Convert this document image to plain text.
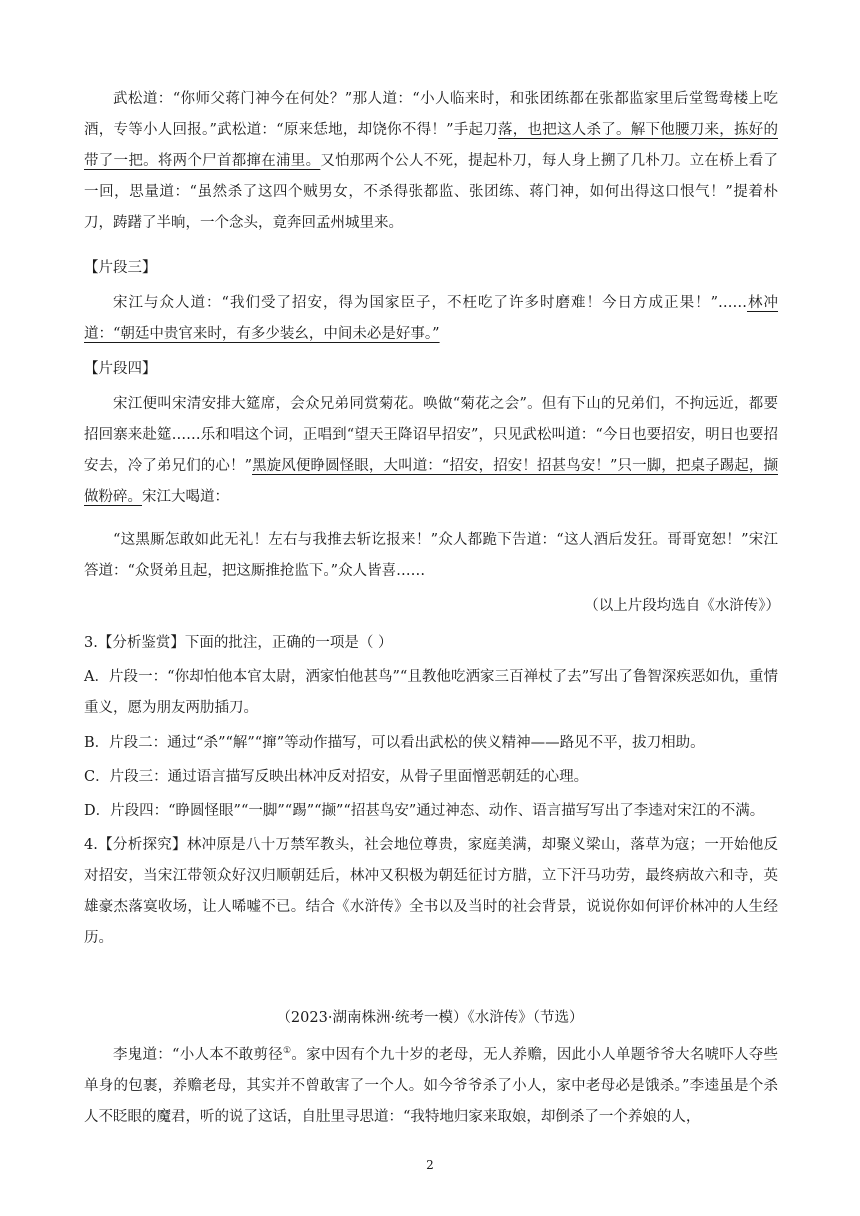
武松道：“你师父蒋门神今在何处？”那人道：“小人临来时，和张团练都在张都监家里后堂鸳鸯楼上吃酒，专等小人回报。”武松道：“原来恁地，却饶你不得！”手起刀落，也把这人杀了。解下他腰刀来，拣好的带了一把。将两个尸首都撺在浦里。又怕那两个公人不死，提起朴刀，每人身上搠了几朴刀。立在桥上看了一回，思量道：“虽然杀了这四个贼男女，不杀得张都监、张团练、蒋门神，如何出得这口恨气！”提着朴刀，踌躇了半晌，一个念头，竟奔回孟州城里来。

【片段三】

宋江与众人道：“我们受了招安，得为国家臣子，不枉吃了许多时磨难！今日方成正果！”……林冲道：“朝廷中贵官来时，有多少装幺，中间未必是好事。”

【片段四】

宋江便叫宋清安排大筵席，会众兄弟同赏菊花。唤做“菊花之会”。但有下山的兄弟们，不拘远近，都要招回寨来赴筵……乐和唱这个词，正唱到“望天王降诏早招安”，只见武松叫道：“今日也要招安，明日也要招安去，冷了弟兄们的心！”黑旋风便睁圆怪眼，大叫道：“招安，招安！招甚鸟安！”只一脚，把桌子踢起，撷做粉碎。宋江大喝道：

“这黑厮怎敢如此无礼！左右与我推去斩讫报来！”众人都跪下告道：“这人酒后发狂。哥哥宽恕！”宋江答道：“众贤弟且起，把这厮推抢监下。”众人皆喜……

（以上片段均选自《水浒传》）

3.【分析鉴赏】下面的批注，正确的一项是（ ）

A．片段一：“你却怕他本官太尉，洒家怕他甚鸟”“且教他吃洒家三百禅杖了去”写出了鲁智深疾恶如仇，重情重义，愿为朋友两肋插刀。

B．片段二：通过“杀”“解”“撺”等动作描写，可以看出武松的侠义精神——路见不平，拔刀相助。

C．片段三：通过语言描写反映出林冲反对招安，从骨子里面憎恶朝廷的心理。

D．片段四：“睁圆怪眼”“一脚”“踢”“撷”“招甚鸟安”通过神态、动作、语言描写写出了李逵对宋江的不满。

4.【分析探究】林冲原是八十万禁军教头，社会地位尊贵，家庭美满，却聚义梁山，落草为寇；一开始他反对招安，当宋江带领众好汉归顺朝廷后，林冲又积极为朝廷征讨方腊，立下汗马功劳，最终病故六和寺，英雄豪杰落寞收场，让人唏嘘不已。结合《水浒传》全书以及当时的社会背景，说说你如何评价林冲的人生经历。

（2023·湖南株洲·统考一模）《水浒传》（节选）

李鬼道：“小人本不敢剪径①。家中因有个九十岁的老母，无人养赡，因此小人单题爷爷大名唬吓人夺些单身的包裹，养赡老母，其实并不曾敢害了一个人。如今爷爷杀了小人，家中老母必是饿杀。”李逵虽是个杀人不眨眼的魔君，听的说了这话，自肚里寻思道：“我特地归家来取娘，却倒杀了一个养娘的人，

2
